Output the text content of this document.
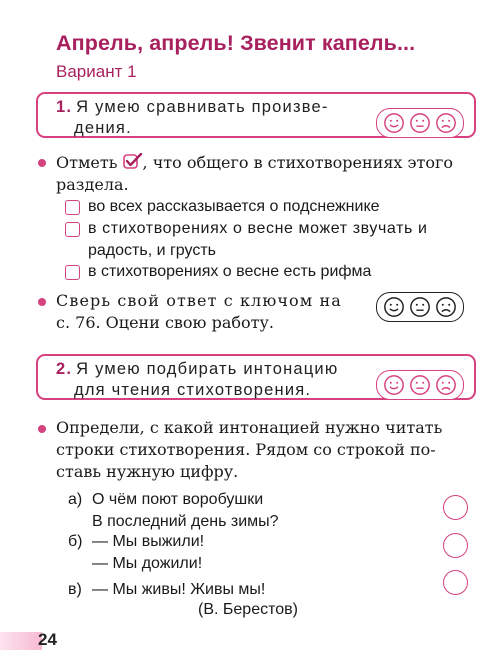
Апрель, апрель! Звенит капель...
Вариант 1
1. Я умею сравнивать произве-
дения.
Отметь , что общего в стихотворениях этого
раздела.
во всех рассказывается о подснежнике
в стихотворениях о весне может звучать и
радость, и грусть
в стихотворениях о весне есть рифма
Сверь свой ответ с ключом на
с. 76. Оцени свою работу.
2. Я умею подбирать интонацию
для чтения стихотворения.
Определи, с какой интонацией нужно читать
строки стихотворения. Рядом со строкой по-
ставь нужную цифру.
а) О чём поют воробушки
В последний день зимы?
б) — Мы выжили!
— Мы дожили!
в) — Мы живы! Живы мы!
(В. Берестов)
24
